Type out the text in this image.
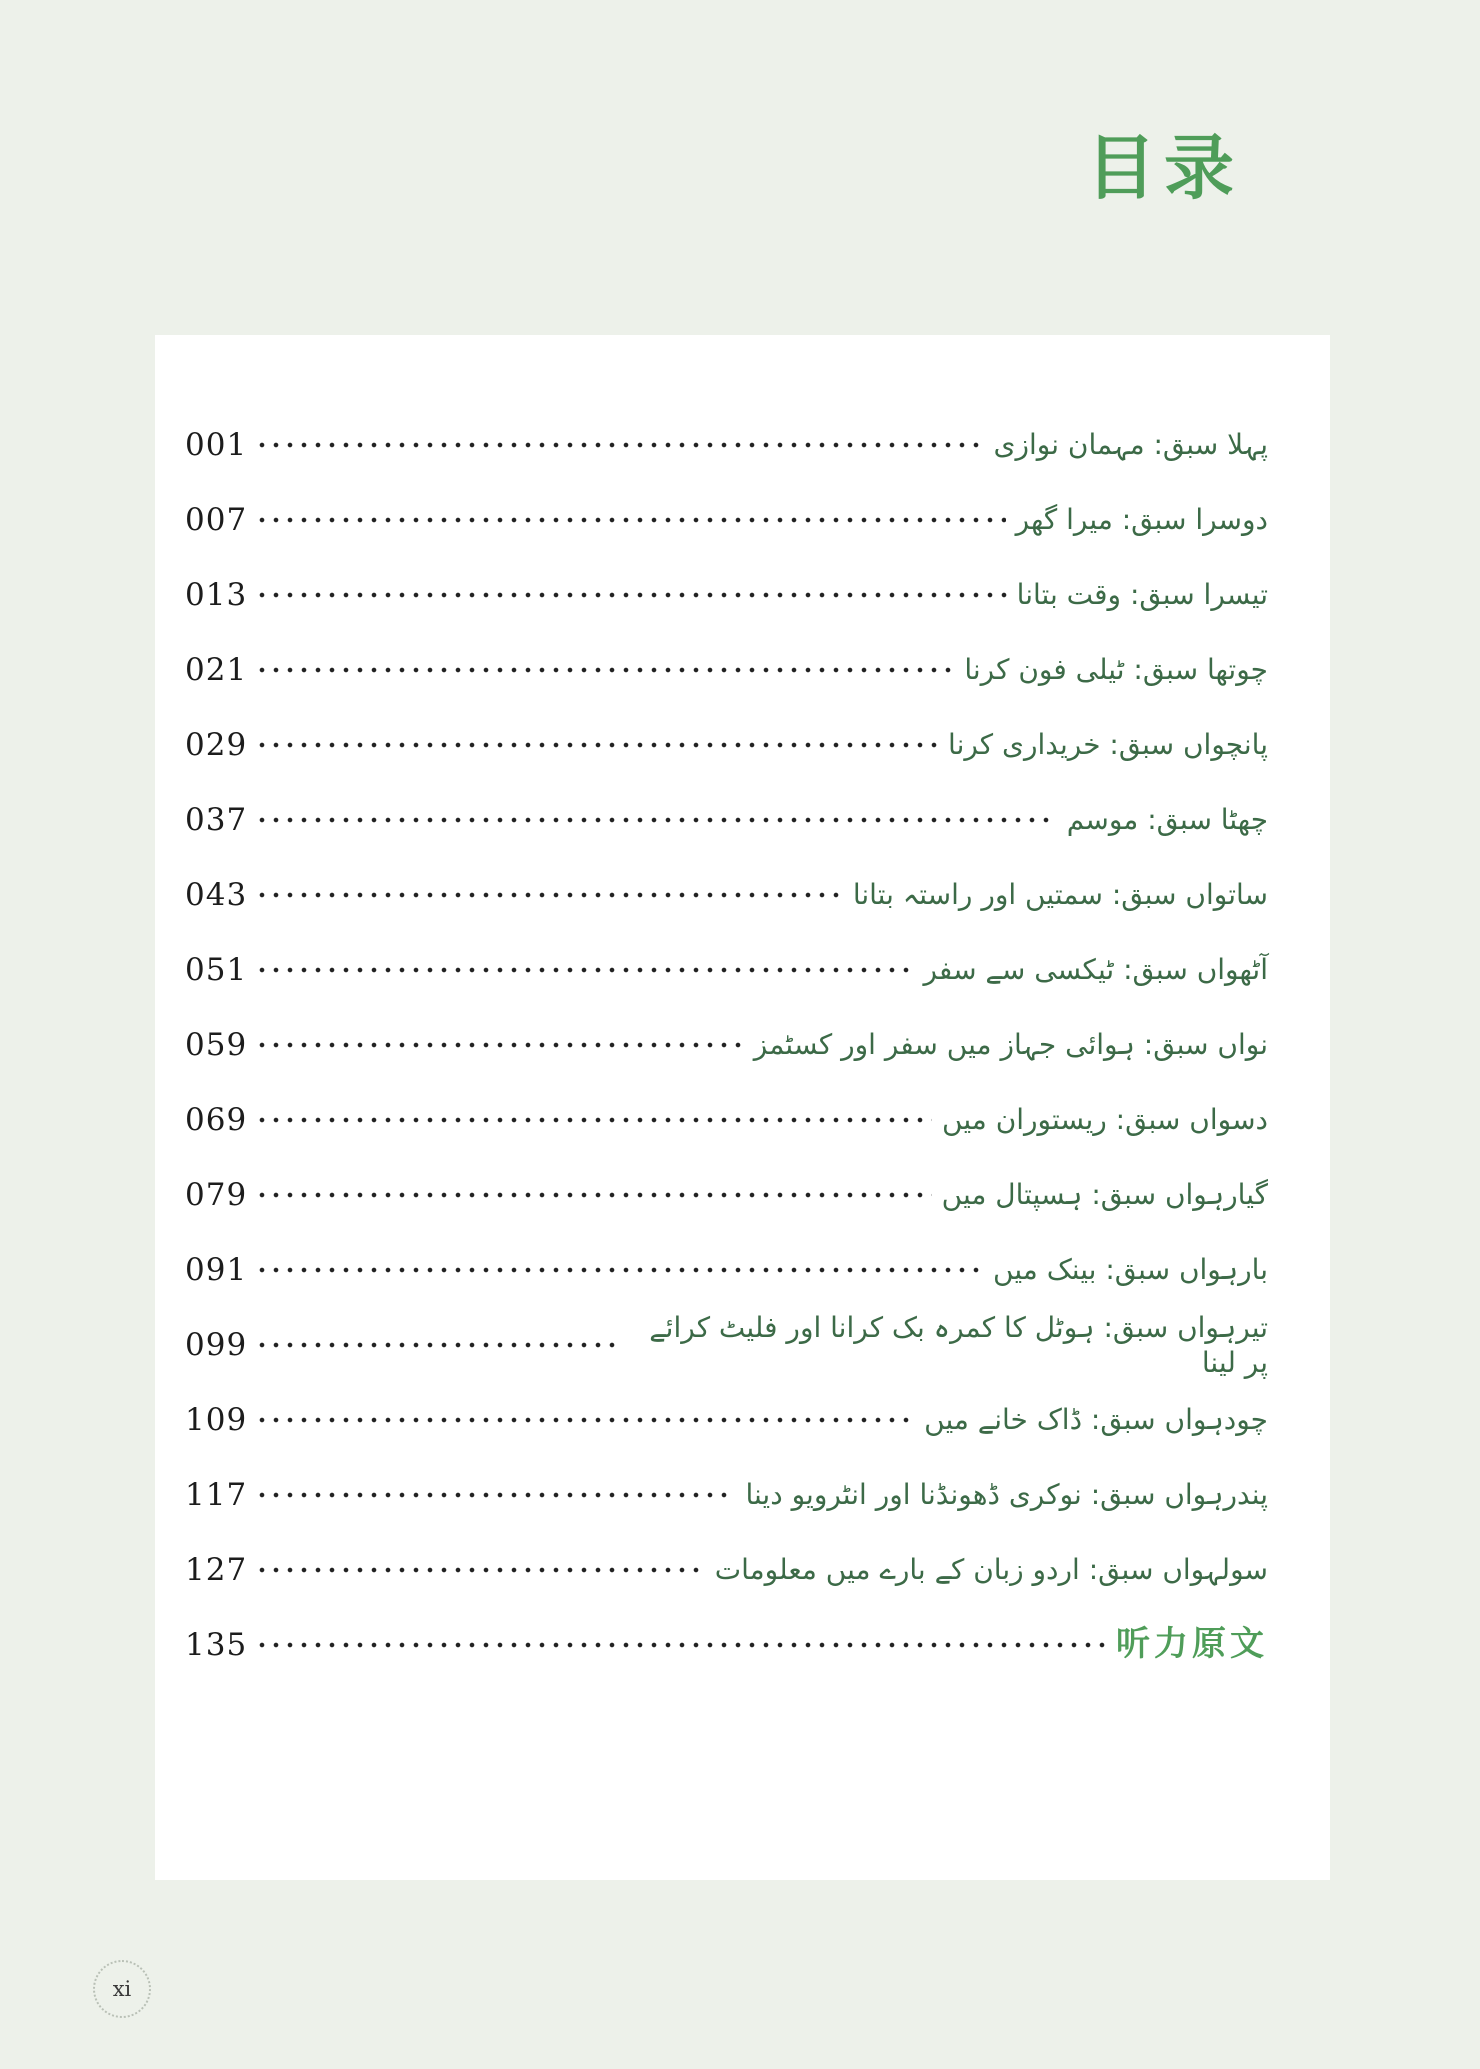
目录
001	پہلا سبق: مہمان نوازی
007	دوسرا سبق: میرا گھر
013	تیسرا سبق: وقت بتانا
021	چوتھا سبق: ٹیلی فون کرنا
029	پانچواں سبق: خریداری کرنا
037	چھٹا سبق: موسم
043	ساتواں سبق: سمتیں اور راستہ بتانا
051	آٹھواں سبق: ٹیکسی سے سفر
059	نواں سبق: ہوائی جہاز میں سفر اور کسٹمز
069	دسواں سبق: ریستوران میں
079	گیارہواں سبق: ہسپتال میں
091	بارہواں سبق: بینک میں
099	تیرہواں سبق: ہوٹل کا کمرہ بک کرانا اور فلیٹ کرائے پر لینا
109	چودہواں سبق: ڈاک خانے میں
117	پندرہواں سبق: نوکری ڈھونڈنا اور انٹرویو دینا
127	سولہواں سبق: اردو زبان کے بارے میں معلومات
135	听力原文
xi
